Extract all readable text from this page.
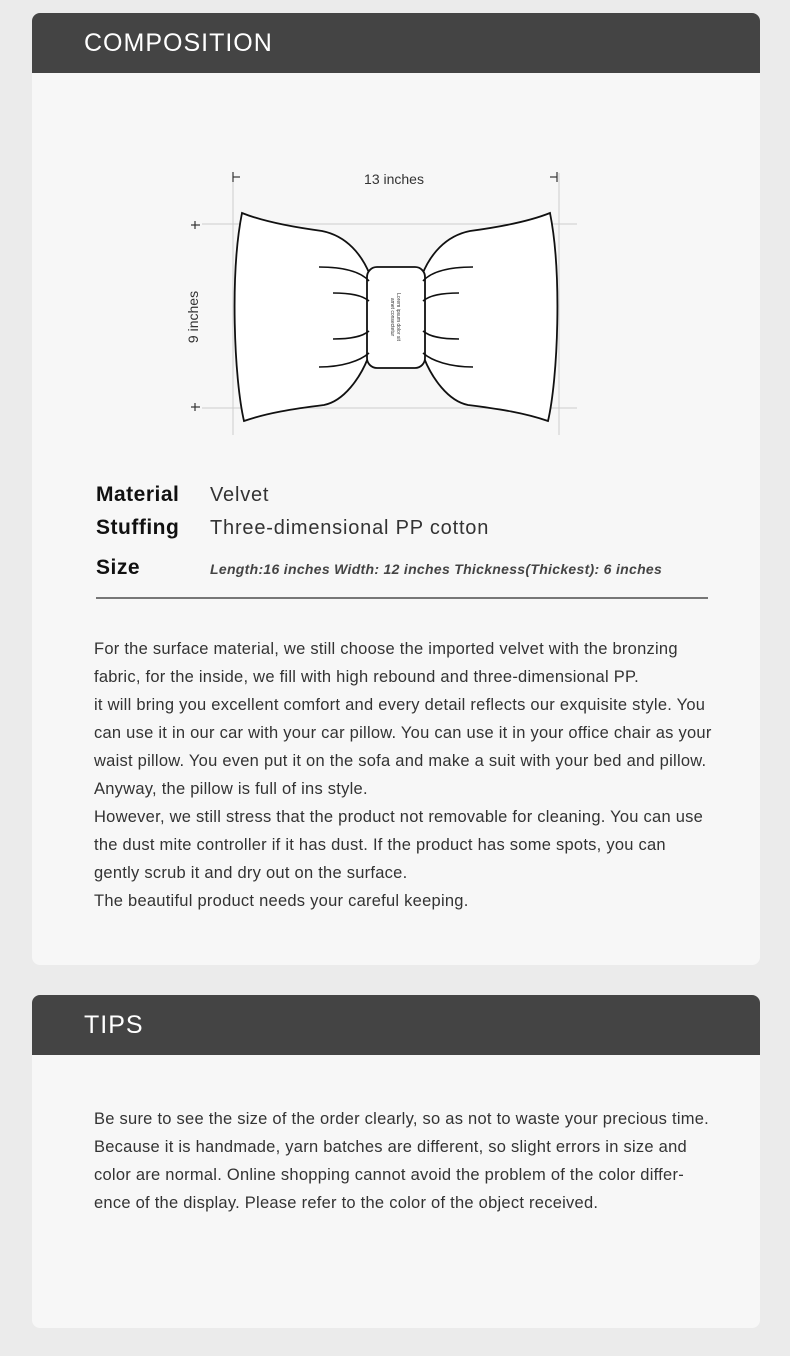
COMPOSITION
13 inches
9 inches	Lorem ipsum dolor sit
amet consectetur
Material	Velvet
Stuffing	Three-dimensional PP cotton
Size	Length:16 inches Width: 12 inches Thickness(Thickest): 6 inches

For the surface material, we still choose the imported velvet with the bronzing fabric, for the inside, we fill with high rebound and three-dimensional PP.

it will bring you excellent comfort and every detail reflects our exquisite style. You can use it in our car with your car pillow. You can use it in your office chair as your waist pillow. You even put it on the sofa and make a suit with your bed and pillow. Anyway, the pillow is full of ins style.

However, we still stress that the product not removable for cleaning. You can use the dust mite controller if it has dust. If the product has some spots, you can gently scrub it and dry out on the surface.

The beautiful product needs your careful keeping.

TIPS

Be sure to see the size of the order clearly, so as not to waste your precious time.

Because it is handmade, yarn batches are different, so slight errors in size and color are normal. Online shopping cannot avoid the problem of the color differ-ence of the display. Please refer to the color of the object received.
